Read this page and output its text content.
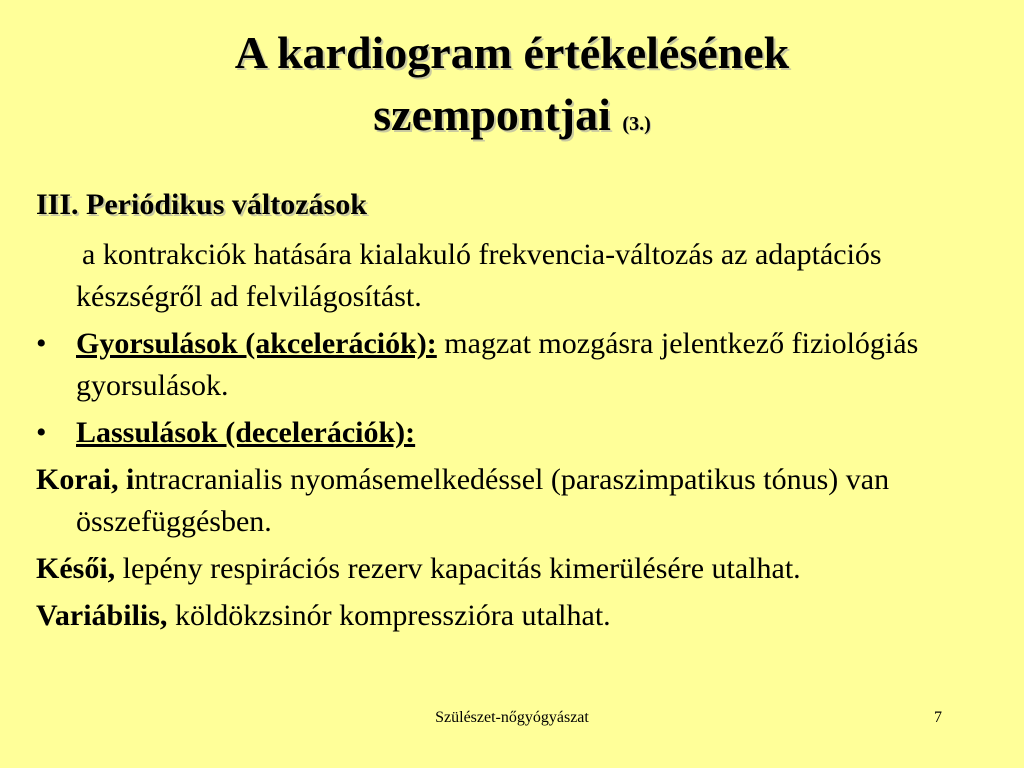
A kardiogram értékelésének
szempontjai (3.)
III. Periódikus változások
a kontrakciók hatására kialakuló frekvencia-változás az adaptációs készségről ad felvilágosítást.
• Gyorsulások (akcelerációk): magzat mozgásra jelentkező fiziológiás gyorsulások.
• Lassulások (decelerációk):
Korai, intracranialis nyomásemelkedéssel (paraszimpatikus tónus) van összefüggésben.
Késői, lepény respirációs rezerv kapacitás kimerülésére utalhat.
Variábilis, köldökzsinór kompresszióra utalhat.
Szülészet-nőgyógyászat	7
